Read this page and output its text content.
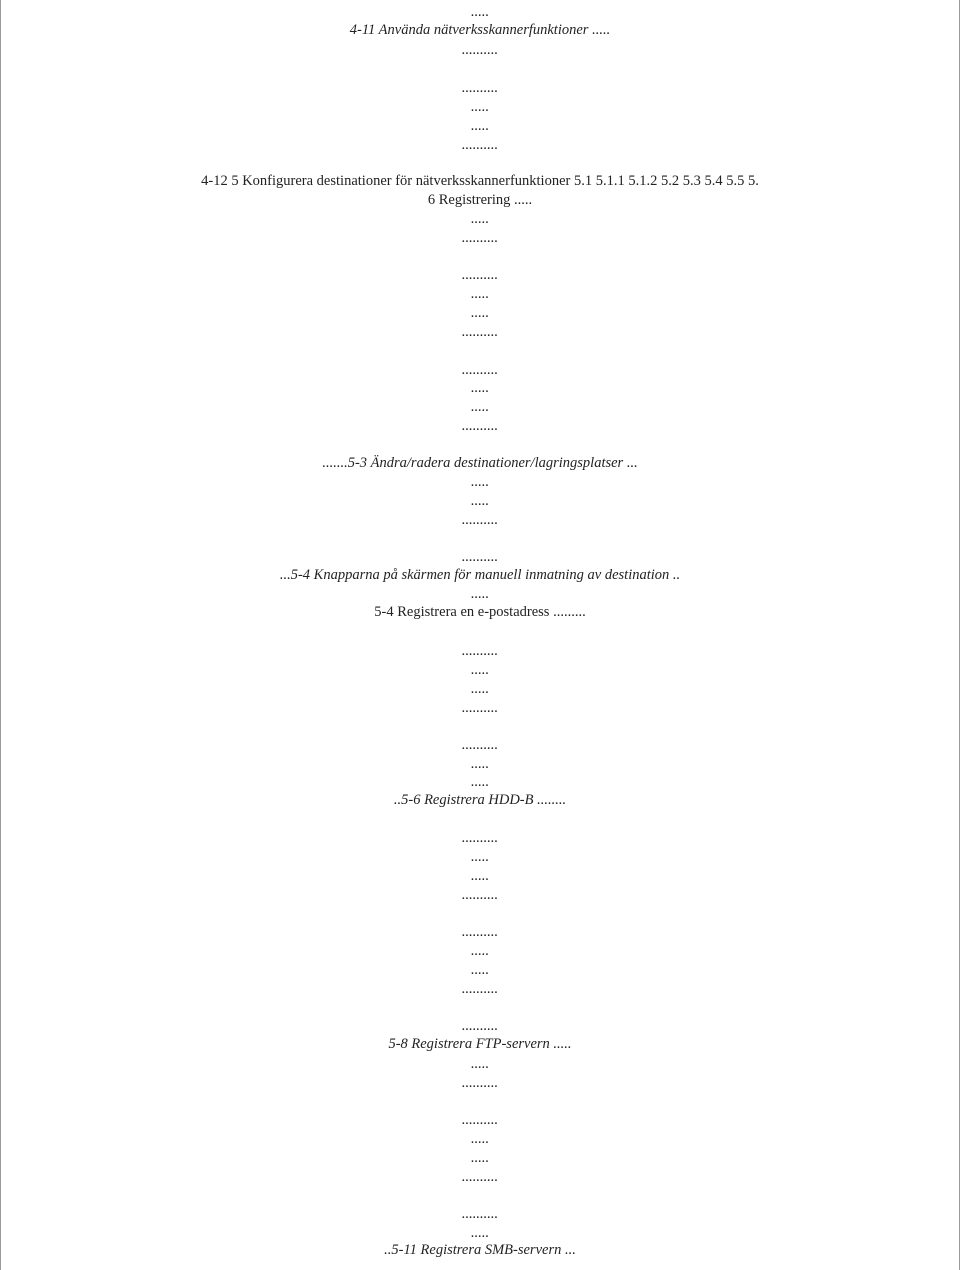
.....
4-11 Använda nätverksskannerfunktioner .....
..........
..........
.....
.....
..........
4-12 5 Konfigurera destinationer för nätverksskannerfunktioner 5.1 5.1.1 5.1.2 5.2 5.3 5.4 5.5 5.
6 Registrering .....
.....
..........
..........
.....
.....
..........
..........
.....
.....
..........
.......5-3 Ändra/radera destinationer/lagringsplatser ...
.....
.....
..........
..........
...5-4 Knapparna på skärmen för manuell inmatning av destination ..
.....
5-4 Registrera en e-postadress .........
..........
.....
.....
..........
..........
.....
.....
..5-6 Registrera HDD-B ........
..........
.....
.....
..........
..........
.....
.....
..........
..........
5-8 Registrera FTP-servern .....
.....
..........
..........
.....
.....
..........
..........
.....
..5-11 Registrera SMB-servern ...
